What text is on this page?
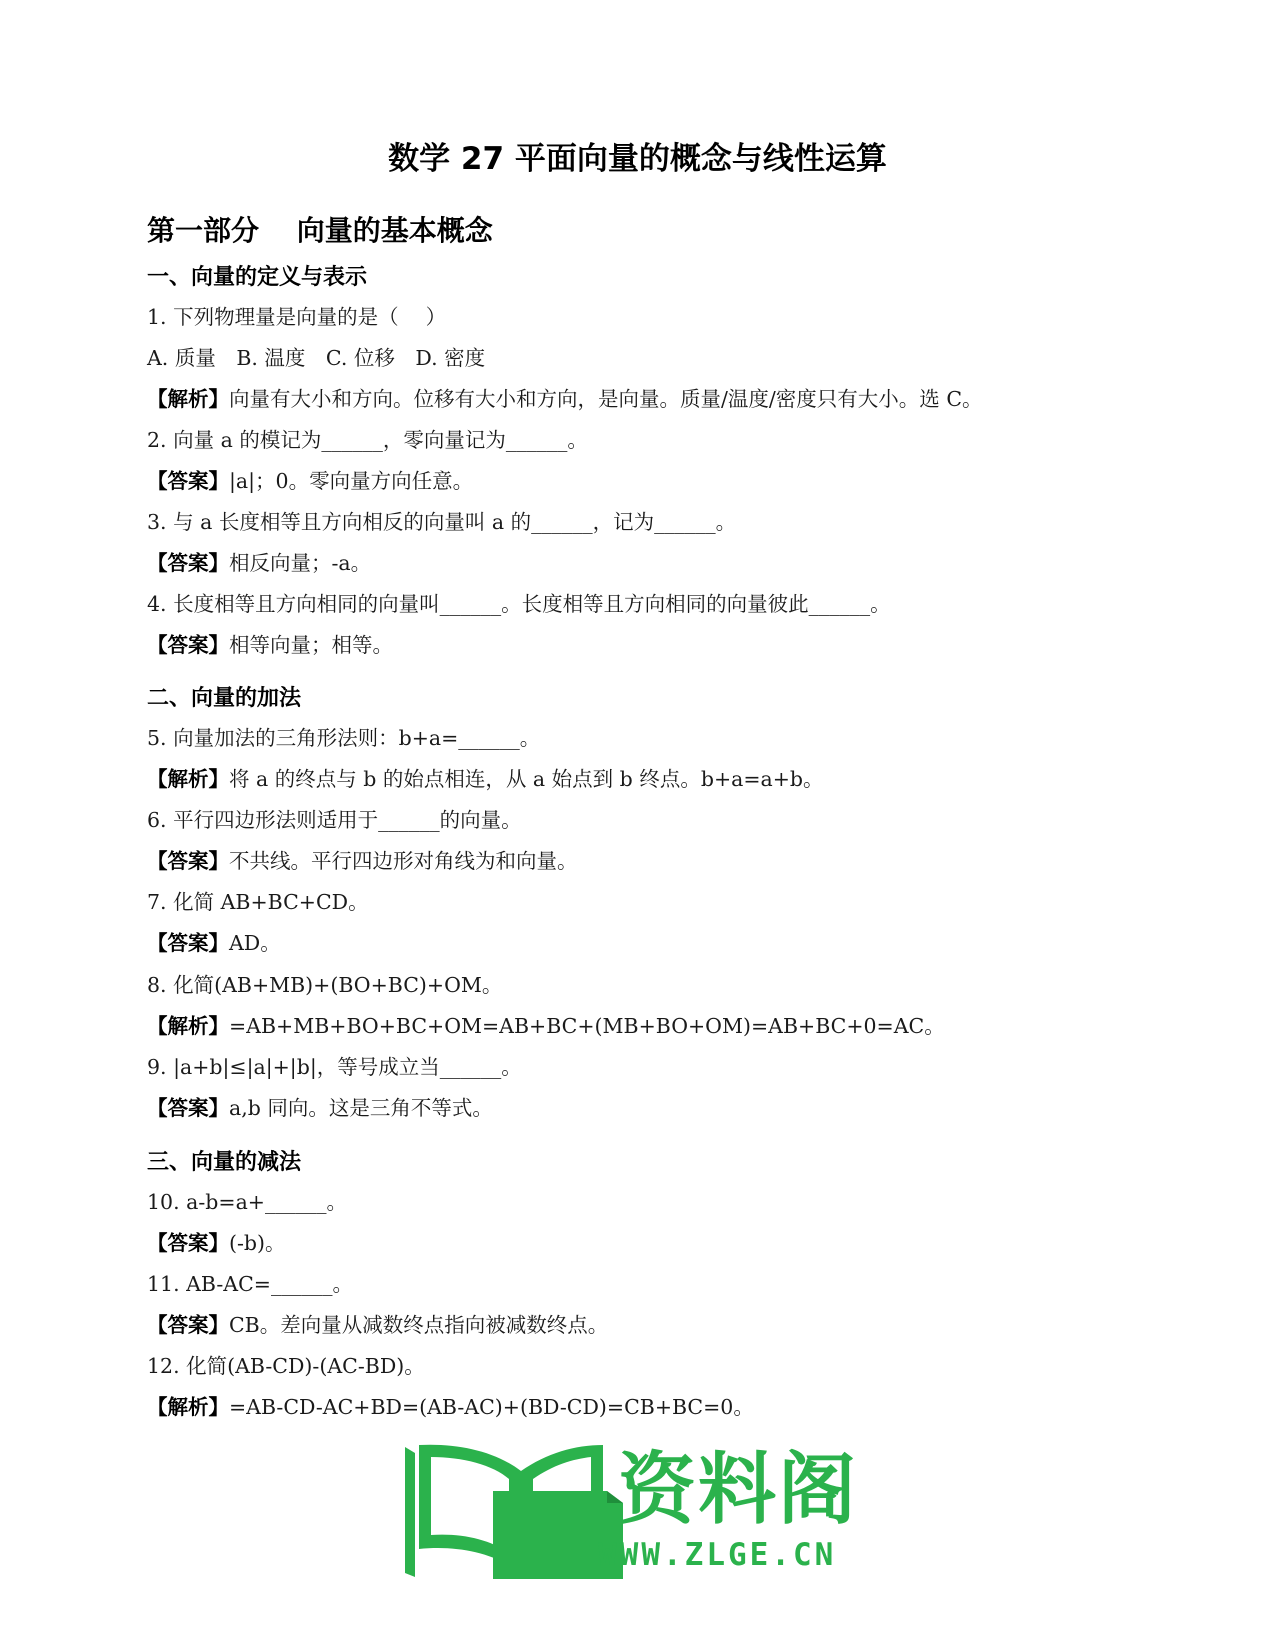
数学 27 平面向量的概念与线性运算
第一部分　 向量的基本概念
一、向量的定义与表示

1. 下列物理量是向量的是（　 ）

A. 质量　B. 温度　C. 位移　D. 密度

【解析】向量有大小和方向。位移有大小和方向，是向量。质量/温度/密度只有大小。选 C。

2. 向量 a 的模记为______，零向量记为______。

【答案】|a|；0。零向量方向任意。

3. 与 a 长度相等且方向相反的向量叫 a 的______，记为______。

【答案】相反向量；-a。

4. 长度相等且方向相同的向量叫______。长度相等且方向相同的向量彼此______。

【答案】相等向量；相等。

二、向量的加法

5. 向量加法的三角形法则：b+a=______。

【解析】将 a 的终点与 b 的始点相连，从 a 始点到 b 终点。b+a=a+b。

6. 平行四边形法则适用于______的向量。

【答案】不共线。平行四边形对角线为和向量。

7. 化简 AB+BC+CD。

【答案】AD。

8. 化简(AB+MB)+(BO+BC)+OM。

【解析】=AB+MB+BO+BC+OM=AB+BC+(MB+BO+OM)=AB+BC+0=AC。

9. |a+b|≤|a|+|b|，等号成立当______。

【答案】a,b 同向。这是三角不等式。

三、向量的减法

10. a-b=a+______。

【答案】(-b)。

11. AB-AC=______。

【答案】CB。差向量从减数终点指向被减数终点。

12. 化简(AB-CD)-(AC-BD)。

【解析】=AB-CD-AC+BD=(AB-AC)+(BD-CD)=CB+BC=0。

资料阁
WWW.ZLGE.CN
